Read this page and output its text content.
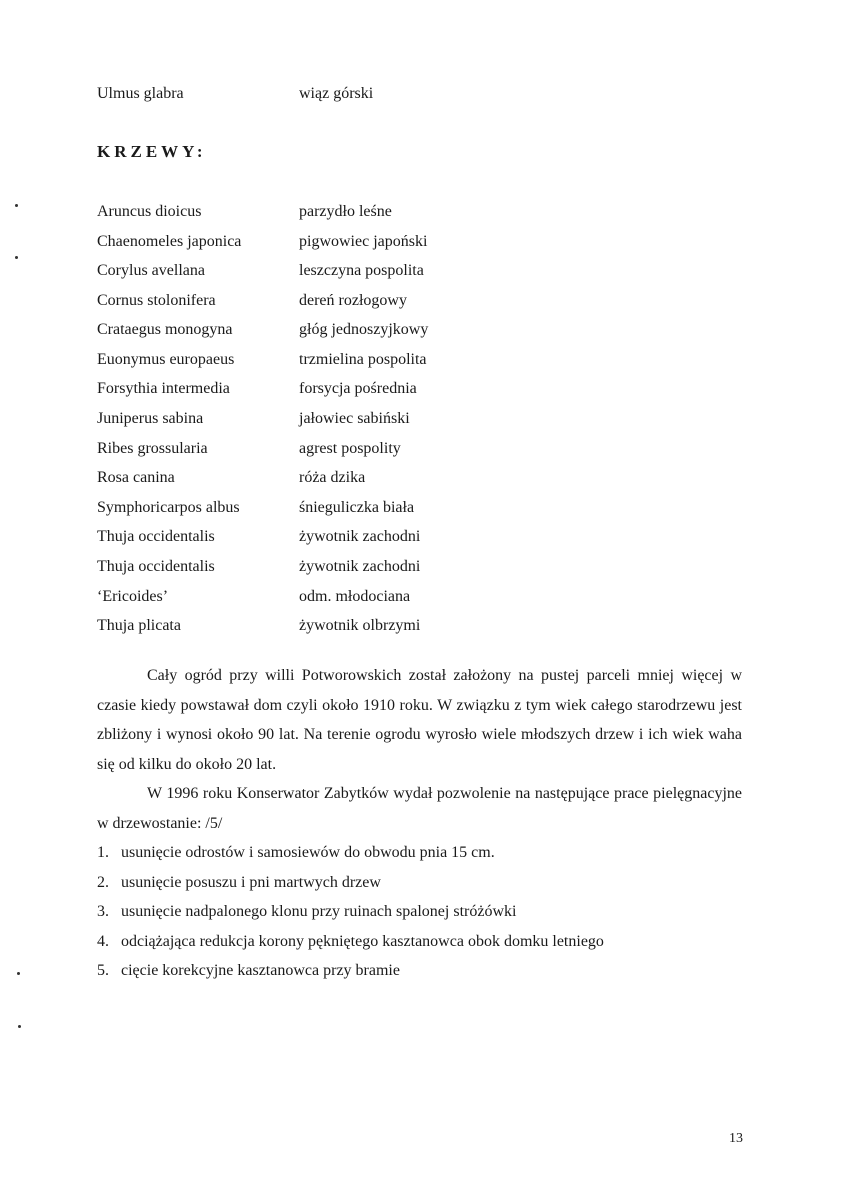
Ulmus glabra	wiąz górski
KRZEWY:
Aruncus dioicus	parzydło leśne
Chaenomeles japonica	pigwowiec japoński
Corylus avellana	leszczyna pospolita
Cornus stolonifera	dereń rozłogowy
Crataegus monogyna	głóg jednoszyjkowy
Euonymus europaeus	trzmielina pospolita
Forsythia intermedia	forsycja pośrednia
Juniperus sabina	jałowiec sabiński
Ribes grossularia	agrest pospolity
Rosa canina	róża dzika
Symphoricarpos albus	śnieguliczka biała
Thuja occidentalis	żywotnik zachodni
Thuja occidentalis	żywotnik zachodni
‘Ericoides’	odm. młodociana
Thuja plicata	żywotnik olbrzymi

Cały ogród przy willi Potworowskich został założony na pustej parceli mniej więcej w czasie kiedy powstawał dom czyli około 1910 roku. W związku z tym wiek całego starodrzewu jest zbliżony i wynosi około 90 lat. Na terenie ogrodu wyrosło wiele młodszych drzew i ich wiek waha się od kilku do około 20 lat.

W 1996 roku Konserwator Zabytków wydał pozwolenie na następujące prace pielęgnacyjne w drzewostanie: /5/

1. usunięcie odrostów i samosiewów do obwodu pnia 15 cm.
2. usunięcie posuszu i pni martwych drzew
3. usunięcie nadpalonego klonu przy ruinach spalonej stróżówki
4. odciążająca redukcja korony pękniętego kasztanowca obok domku letniego
5. cięcie korekcyjne kasztanowca przy bramie
13
